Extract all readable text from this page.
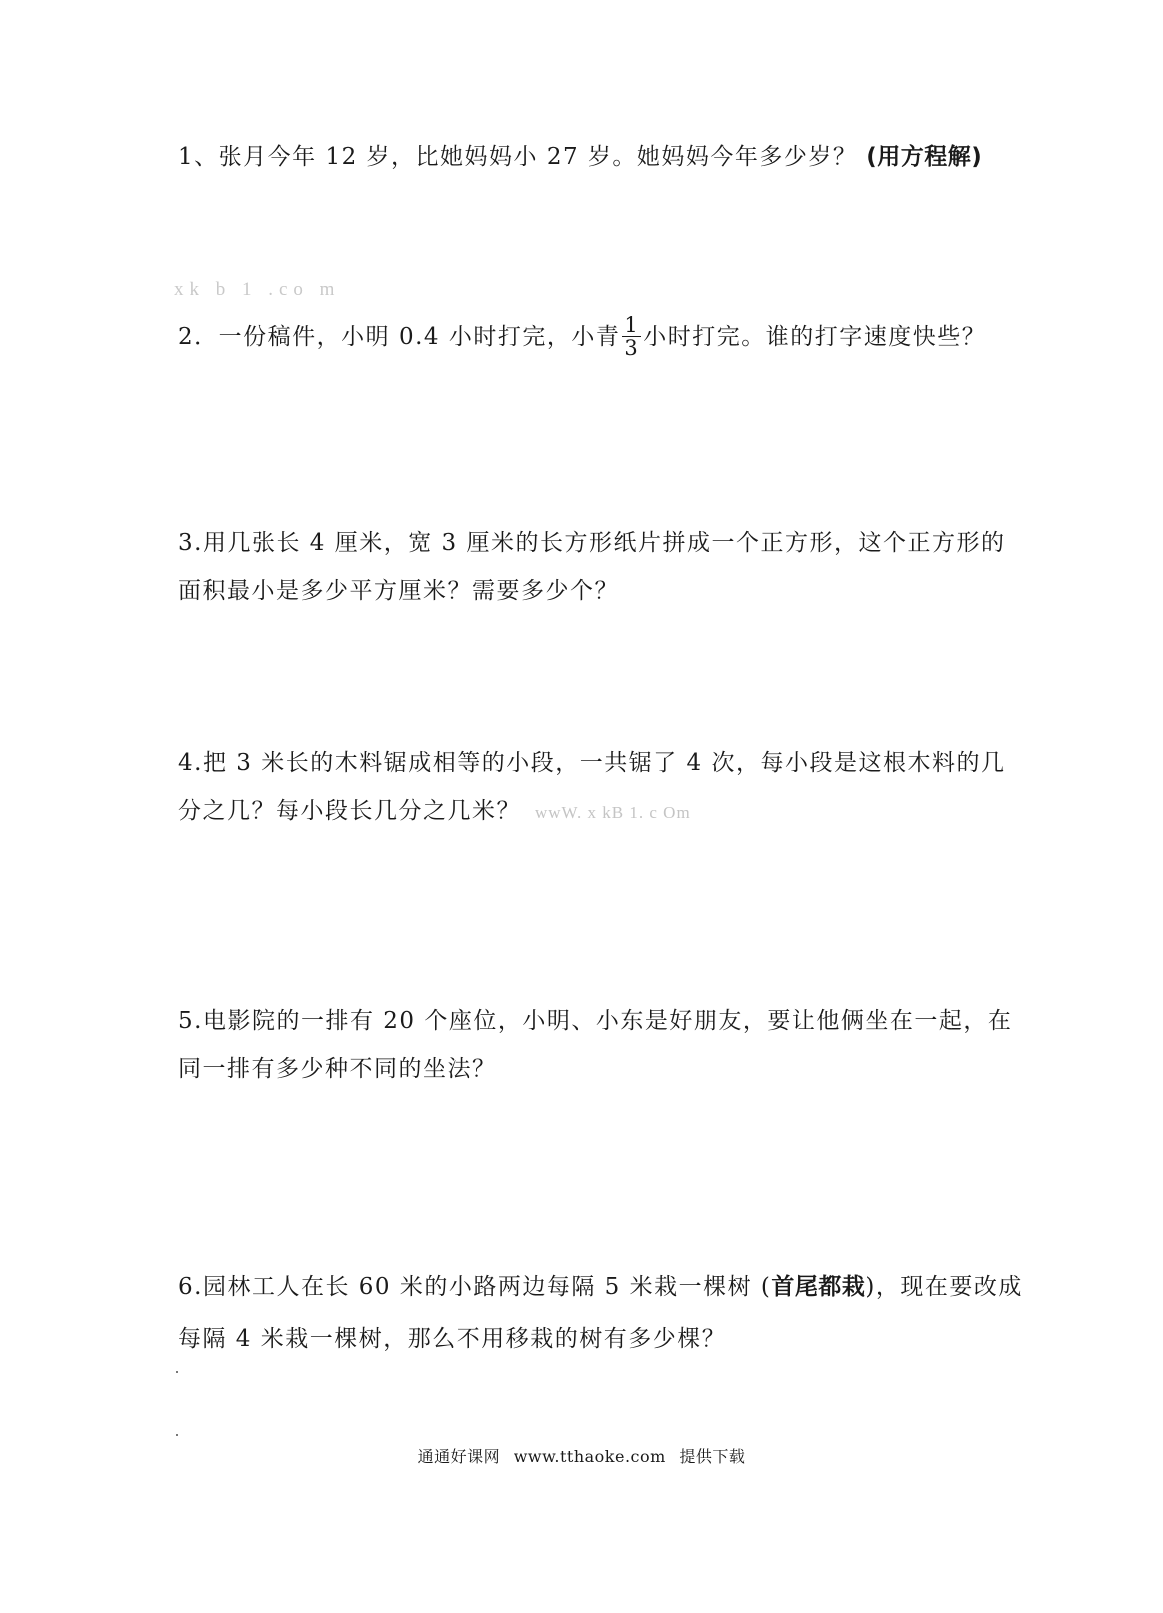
1、张月今年 12 岁，比她妈妈小 27 岁。她妈妈今年多少岁？ (用方程解)

xk b 1 .co m

2．一份稿件，小明 0.4 小时打完，小青 $\frac{1}{3}$ 小时打完。谁的打字速度快些？

3.用几张长 4 厘米，宽 3 厘米的长方形纸片拼成一个正方形，这个正方形的面积最小是多少平方厘米？需要多少个？

4.把 3 米长的木料锯成相等的小段，一共锯了 4 次，每小段是这根木料的几分之几？每小段长几分之几米？ wwW. x kB 1. c Om

5.电影院的一排有 20 个座位，小明、小东是好朋友，要让他俩坐在一起，在同一排有多少种不同的坐法？

6.园林工人在长 60 米的小路两边每隔 5 米栽一棵树 (首尾都栽)，现在要改成每隔 4 米栽一棵树，那么不用移栽的树有多少棵？

通通好课网 www.tthaoke.com 提供下载
